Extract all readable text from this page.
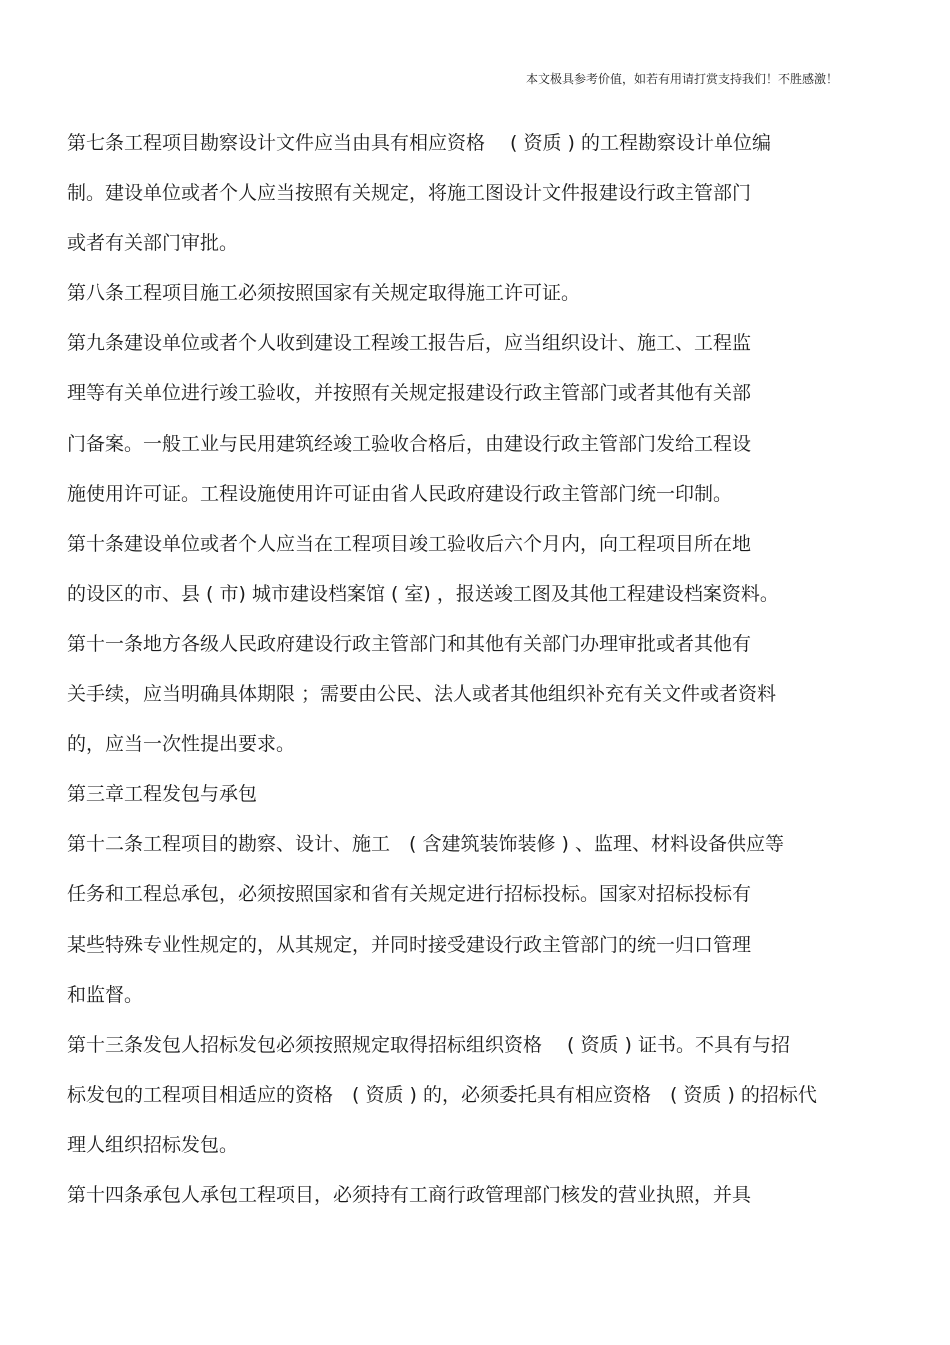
本文极具参考价值，如若有用请打赏支持我们！不胜感激！
第七条工程项目勘察设计文件应当由具有相应资格　 ( 资质 ) 的工程勘察设计单位编
制。建设单位或者个人应当按照有关规定，将施工图设计文件报建设行政主管部门
或者有关部门审批。
第八条工程项目施工必须按照国家有关规定取得施工许可证。
第九条建设单位或者个人收到建设工程竣工报告后，应当组织设计、施工、工程监
理等有关单位进行竣工验收，并按照有关规定报建设行政主管部门或者其他有关部
门备案。一般工业与民用建筑经竣工验收合格后，由建设行政主管部门发给工程设
施使用许可证。工程设施使用许可证由省人民政府建设行政主管部门统一印制。
第十条建设单位或者个人应当在工程项目竣工验收后六个月内，向工程项目所在地
的设区的市、县 ( 市) 城市建设档案馆 ( 室) ，报送竣工图及其他工程建设档案资料。
第十一条地方各级人民政府建设行政主管部门和其他有关部门办理审批或者其他有
关手续，应当明确具体期限 ；需要由公民、法人或者其他组织补充有关文件或者资料
的，应当一次性提出要求。
第三章工程发包与承包
第十二条工程项目的勘察、设计、施工　( 含建筑装饰装修 ) 、监理、材料设备供应等
任务和工程总承包，必须按照国家和省有关规定进行招标投标。国家对招标投标有
某些特殊专业性规定的，从其规定，并同时接受建设行政主管部门的统一归口管理
和监督。
第十三条发包人招标发包必须按照规定取得招标组织资格　 ( 资质 ) 证书。不具有与招
标发包的工程项目相适应的资格　( 资质 ) 的，必须委托具有相应资格　( 资质 ) 的招标代
理人组织招标发包。
第十四条承包人承包工程项目，必须持有工商行政管理部门核发的营业执照，并具
